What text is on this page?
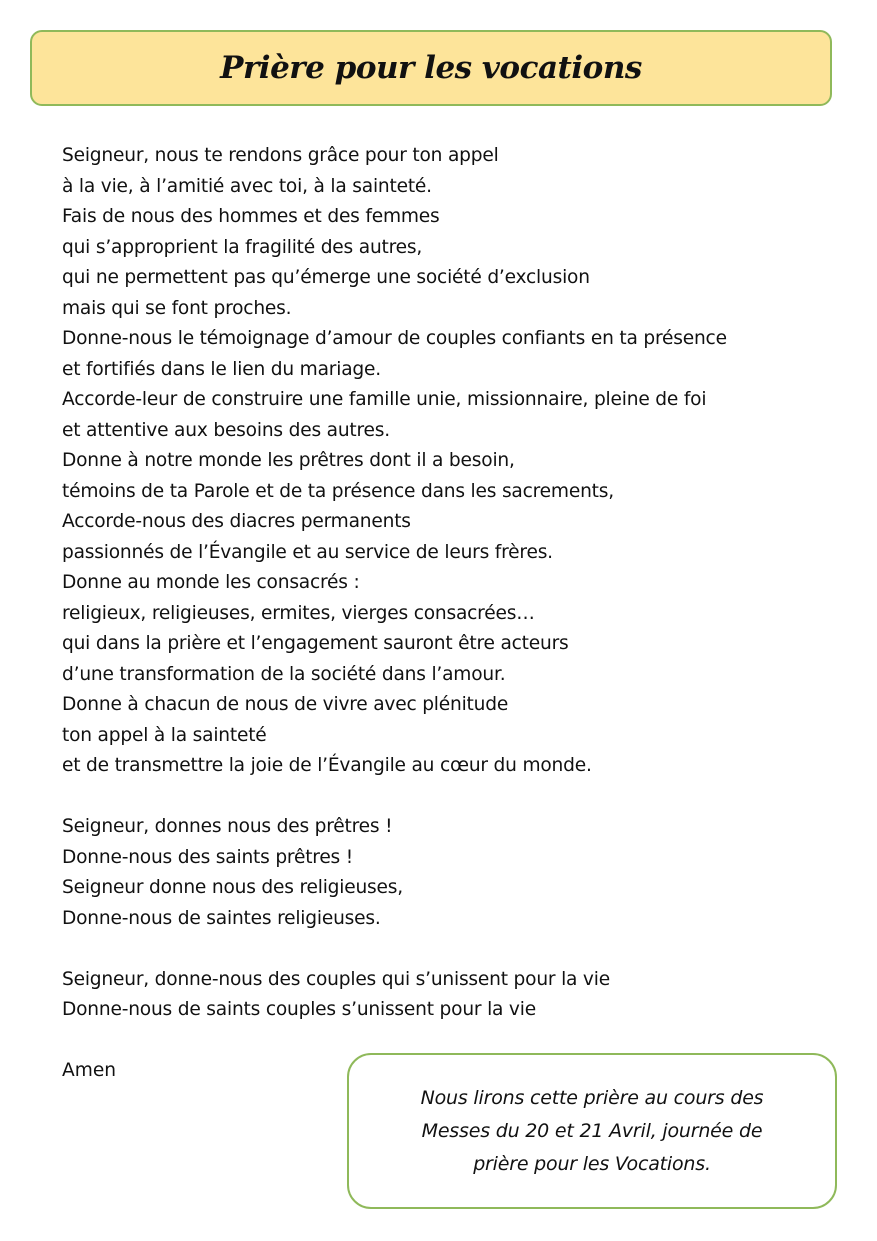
Prière pour les vocations
Seigneur, nous te rendons grâce pour ton appel
à la vie, à l’amitié avec toi, à la sainteté.
Fais de nous des hommes et des femmes
qui s’approprient la fragilité des autres,
qui ne permettent pas qu’émerge une société d’exclusion
mais qui se font proches.
Donne-nous le témoignage d’amour de couples confiants en ta présence
et fortifiés dans le lien du mariage.
Accorde-leur de construire une famille unie, missionnaire, pleine de foi
et attentive aux besoins des autres.
Donne à notre monde les prêtres dont il a besoin,
témoins de ta Parole et de ta présence dans les sacrements,
Accorde-nous des diacres permanents
passionnés de l’Évangile et au service de leurs frères.
Donne au monde les consacrés :
religieux, religieuses, ermites, vierges consacrées…
qui dans la prière et l’engagement sauront être acteurs
d’une transformation de la société dans l’amour.
Donne à chacun de nous de vivre avec plénitude
ton appel à la sainteté
et de transmettre la joie de l’Évangile au cœur du monde.
Seigneur, donnes nous des prêtres !
Donne-nous des saints prêtres !
Seigneur donne nous des religieuses,
Donne-nous de saintes religieuses.
Seigneur, donne-nous des couples qui s’unissent pour la vie
Donne-nous de saints couples s’unissent pour la vie
Amen
Nous lirons cette prière au cours des
Messes du 20 et 21 Avril, journée de
prière pour les Vocations.
